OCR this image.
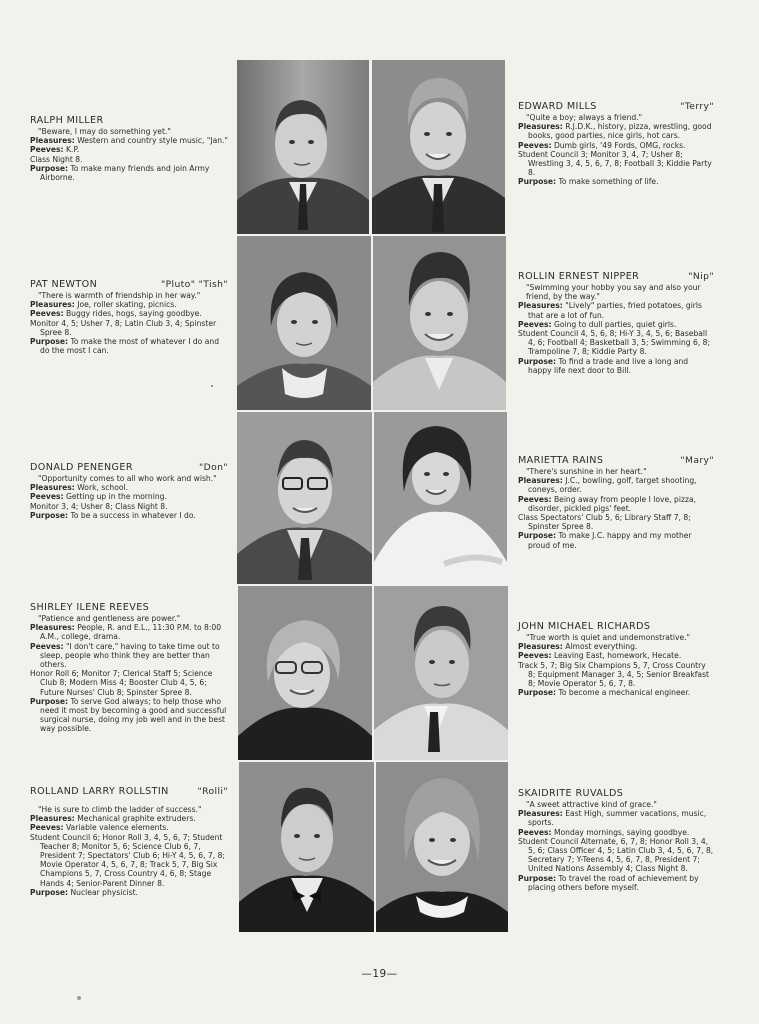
RALPH MILLER

"Beware, I may do something yet."

Pleasures: Western and country style music, "Jan."

Peeves: K.P.

Class Night 8.

Purpose: To make many friends and join Army Airborne.

PAT NEWTON	"Pluto" "Tish"

"There is warmth of friendship in her way."

Pleasures: Joe, roller skating, picnics.

Peeves: Buggy rides, hogs, saying goodbye.

Monitor 4, 5; Usher 7, 8; Latin Club 3, 4; Spinster Spree 8.

Purpose: To make the most of whatever I do and do the most I can.

DONALD PENENGER	"Don"

"Opportunity comes to all who work and wish."

Pleasures: Work, school.

Peeves: Getting up in the morning.

Monitor 3, 4; Usher 8; Class Night 8.

Purpose: To be a success in whatever I do.

SHIRLEY ILENE REEVES

"Patience and gentleness are power."

Pleasures: People, R. and E.L., 11:30 P.M. to 8:00 A.M., college, drama.

Peeves: "I don't care," having to take time out to sleep, people who think they are better than others.

Honor Roll 6; Monitor 7; Clerical Staff 5; Science Club 8; Modern Miss 4; Booster Club 4, 5, 6; Future Nurses' Club 8; Spinster Spree 8.

Purpose: To serve God always; to help those who need it most by becoming a good and successful surgical nurse, doing my job well and in the best way possible.

ROLLAND LARRY ROLLSTIN	"Rolli"

"He is sure to climb the ladder of success."

Pleasures: Mechanical graphite extruders.

Peeves: Variable valence elements.

Student Council 6; Honor Roll 3, 4, 5, 6, 7; Student Teacher 8; Monitor 5, 6; Science Club 6, 7, President 7; Spectators' Club 6; Hi-Y 4, 5, 6, 7, 8; Movie Operator 4, 5, 6, 7, 8; Track 5, 7, Big Six Champions 5, 7, Cross Country 4, 6, 8; Stage Hands 4; Senior-Parent Dinner 8.

Purpose: Nuclear physicist.

EDWARD MILLS	"Terry"

"Quite a boy; always a friend."

Pleasures: R.J.D.K., history, pizza, wrestling, good books, good parties, nice girls, hot cars.

Peeves: Dumb girls, '49 Fords, OMG, rocks.

Student Council 3; Monitor 3, 4, 7; Usher 8; Wrestling 3, 4, 5, 6, 7, 8; Football 3; Kiddie Party 8.

Purpose: To make something of life.

ROLLIN ERNEST NIPPER	"Nip"

"Swimming your hobby you say and also your friend, by the way."

Pleasures: "Lively" parties, fried potatoes, girls that are a lot of fun.

Peeves: Going to dull parties, quiet girls.

Student Council 4, 5, 6, 8; Hi-Y 3, 4, 5, 6; Baseball 4, 6; Football 4; Basketball 3, 5; Swimming 6, 8; Trampoline 7, 8; Kiddie Party 8.

Purpose: To find a trade and live a long and happy life next door to Bill.

MARIETTA RAINS	"Mary"

"There's sunshine in her heart."

Pleasures: J.C., bowling, golf, target shooting, coneys, order.

Peeves: Being away from people I love, pizza, disorder, pickled pigs' feet.

Class Spectators' Club 5, 6; Library Staff 7, 8; Spinster Spree 8.

Purpose: To make J.C. happy and my mother proud of me.

JOHN MICHAEL RICHARDS

"True worth is quiet and undemonstrative."

Pleasures: Almost everything.

Peeves: Leaving East, homework, Hecate.

Track 5, 7; Big Six Champions 5, 7, Cross Country 8; Equipment Manager 3, 4, 5; Senior Breakfast 8; Movie Operator 5, 6, 7, 8.

Purpose: To become a mechanical engineer.

SKAIDRITE RUVALDS

"A sweet attractive kind of grace."

Pleasures: East High, summer vacations, music, sports.

Peeves: Monday mornings, saying goodbye.

Student Council Alternate, 6, 7, 8; Honor Roll 3, 4, 5, 6; Class Officer 4, 5; Latin Club 3, 4, 5, 6, 7, 8, Secretary 7; Y-Teens 4, 5, 6, 7, 8, President 7; United Nations Assembly 4; Class Night 8.

Purpose: To travel the road of achievement by placing others before myself.

—19—
